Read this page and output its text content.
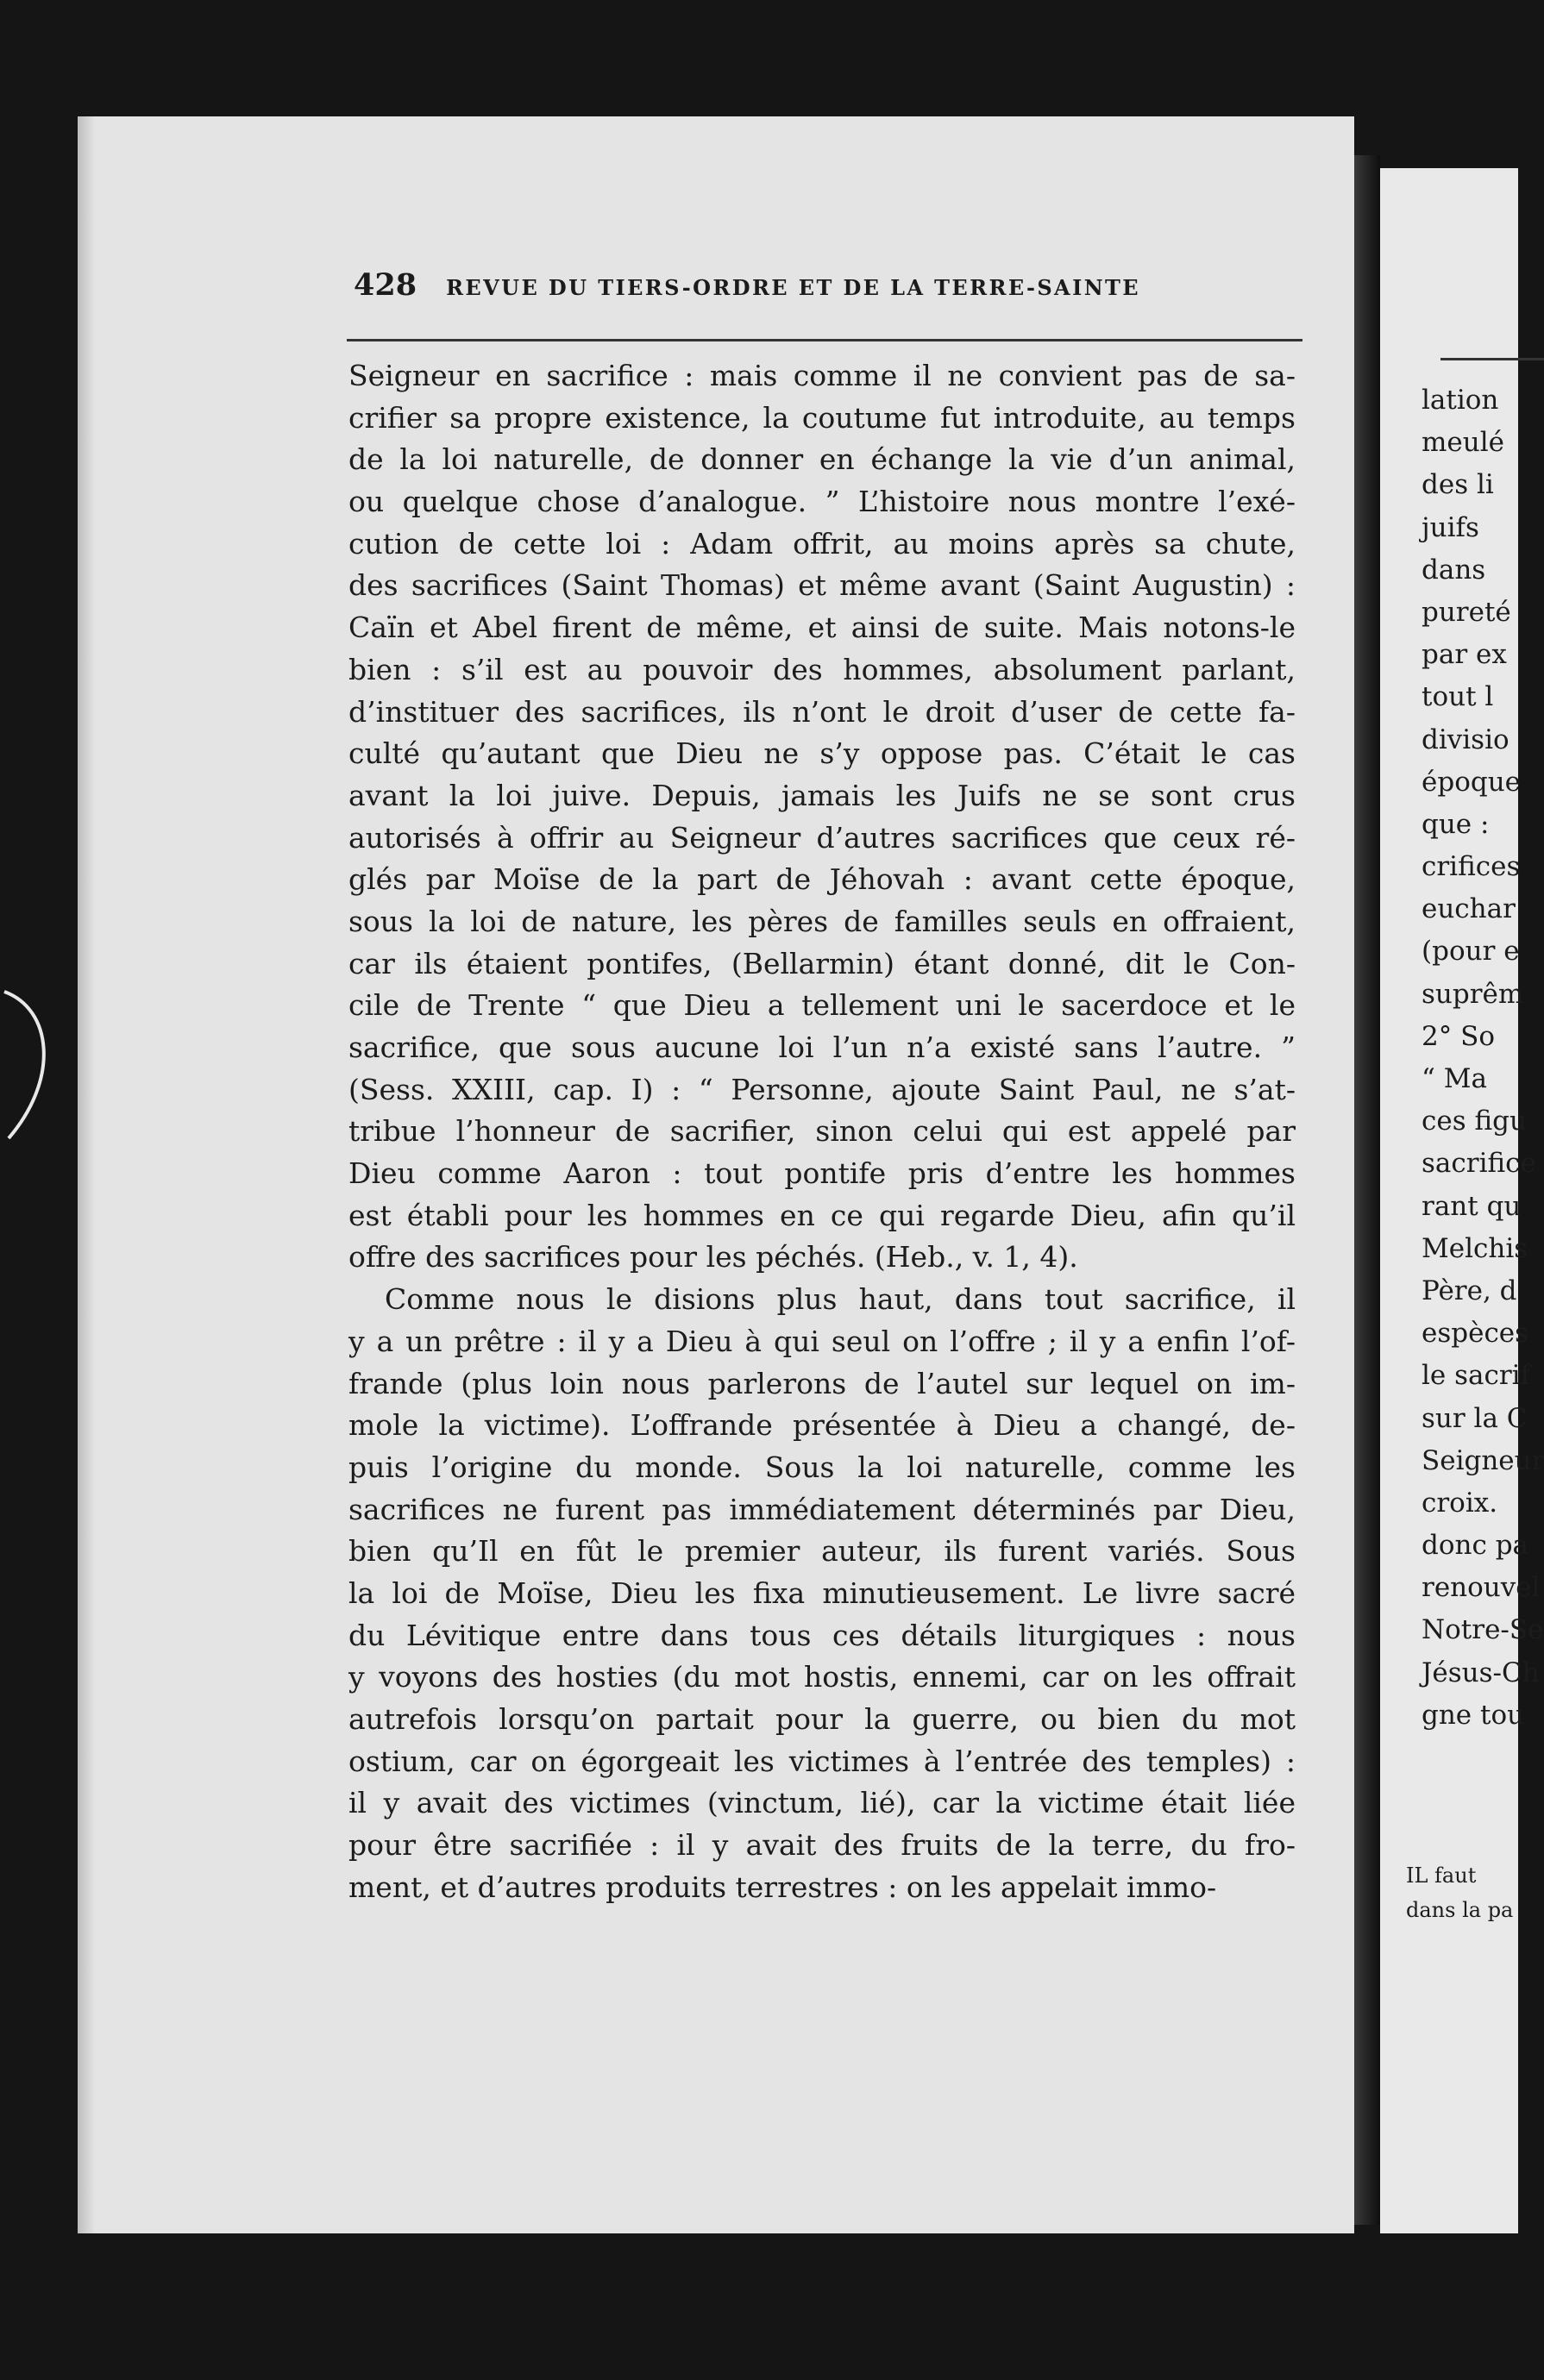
lation
meulé
des li
juifs
dans
pureté
par ex
tout l
divisio
époque
que :
crifices
euchar
(pour e
suprêm
2° So
“ Ma
ces figu
sacrifice
rant qu
Melchis
Père, d
espèces
le sacrif
sur la C
Seigneur
croix.
donc pa
renouvel
Notre-Se
Jésus-Ch
gne tou
IL faut
dans la pa
428 REVUE DU TIERS-ORDRE ET DE LA TERRE-SAINTE
Seigneur en sacrifice : mais comme il ne convient pas de sa-
crifier sa propre existence, la coutume fut introduite, au temps
de la loi naturelle, de donner en échange la vie d’un animal,
ou quelque chose d’analogue. ” L’histoire nous montre l’exé-
cution de cette loi : Adam offrit, au moins après sa chute,
des sacrifices (Saint Thomas) et même avant (Saint Augustin) :
Caïn et Abel firent de même, et ainsi de suite. Mais notons-le
bien : s’il est au pouvoir des hommes, absolument parlant,
d’instituer des sacrifices, ils n’ont le droit d’user de cette fa-
culté qu’autant que Dieu ne s’y oppose pas. C’était le cas
avant la loi juive. Depuis, jamais les Juifs ne se sont crus
autorisés à offrir au Seigneur d’autres sacrifices que ceux ré-
glés par Moïse de la part de Jéhovah : avant cette époque,
sous la loi de nature, les pères de familles seuls en offraient,
car ils étaient pontifes, (Bellarmin) étant donné, dit le Con-
cile de Trente “ que Dieu a tellement uni le sacerdoce et le
sacrifice, que sous aucune loi l’un n’a existé sans l’autre. ”
(Sess. XXIII, cap. I) : “ Personne, ajoute Saint Paul, ne s’at-
tribue l’honneur de sacrifier, sinon celui qui est appelé par
Dieu comme Aaron : tout pontife pris d’entre les hommes
est établi pour les hommes en ce qui regarde Dieu, afin qu’il
offre des sacrifices pour les péchés. (Heb., v. 1, 4).
Comme nous le disions plus haut, dans tout sacrifice, il
y a un prêtre : il y a Dieu à qui seul on l’offre ; il y a enfin l’of-
frande (plus loin nous parlerons de l’autel sur lequel on im-
mole la victime). L’offrande présentée à Dieu a changé, de-
puis l’origine du monde. Sous la loi naturelle, comme les
sacrifices ne furent pas immédiatement déterminés par Dieu,
bien qu’Il en fût le premier auteur, ils furent variés. Sous
la loi de Moïse, Dieu les fixa minutieusement. Le livre sacré
du Lévitique entre dans tous ces détails liturgiques : nous
y voyons des hosties (du mot hostis, ennemi, car on les offrait
autrefois lorsqu’on partait pour la guerre, ou bien du mot
ostium, car on égorgeait les victimes à l’entrée des temples) :
il y avait des victimes (vinctum, lié), car la victime était liée
pour être sacrifiée : il y avait des fruits de la terre, du fro-
ment, et d’autres produits terrestres : on les appelait immo-
